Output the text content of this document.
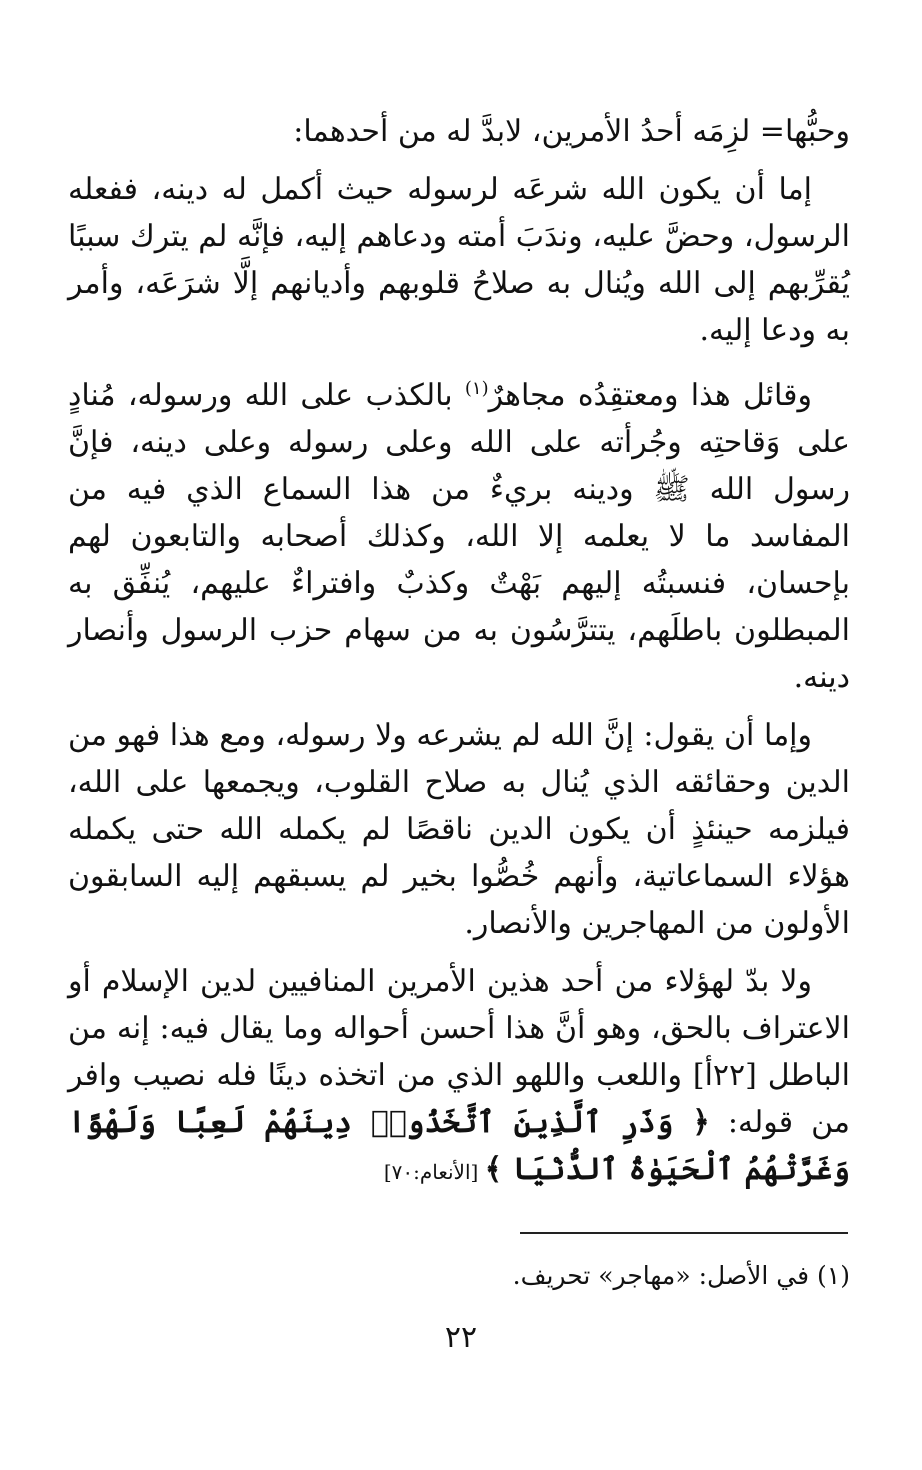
وحبُّها= لزِمَه أحدُ الأمرين، لابدَّ له من أحدهما:

إما أن يكون الله شرعَه لرسوله حيث أكمل له دينه، ففعله الرسول، وحضَّ عليه، وندَبَ أمته ودعاهم إليه، فإنَّه لم يترك سببًا يُقرِّبهم إلى الله ويُنال به صلاحُ قلوبهم وأديانهم إلَّا شرَعَه، وأمر به ودعا إليه.

وقائل هذا ومعتقِدُه مجاهرٌ$^{(١)}$ بالكذب على الله ورسوله، مُنادٍ على وَقاحتِه وجُرأته على الله وعلى رسوله وعلى دينه، فإنَّ رسول الله ﷺ ودينه بريءٌ من هذا السماع الذي فيه من المفاسد ما لا يعلمه إلا الله، وكذلك أصحابه والتابعون لهم بإحسان، فنسبتُه إليهم بَهْتٌ وكذبٌ وافتراءٌ عليهم، يُنفِّق به المبطلون باطلَهم، يتترَّسُون به من سهام حزب الرسول وأنصار دينه.

وإما أن يقول: إنَّ الله لم يشرعه ولا رسوله، ومع هذا فهو من الدين وحقائقه الذي يُنال به صلاح القلوب، ويجمعها على الله، فيلزمه حينئذٍ أن يكون الدين ناقصًا لم يكمله الله حتى يكمله هؤلاء السماعاتية، وأنهم خُصُّوا بخير لم يسبقهم إليه السابقون الأولون من المهاجرين والأنصار.

ولا بدّ لهؤلاء من أحد هذين الأمرين المنافيين لدين الإسلام أو الاعتراف بالحق، وهو أنَّ هذا أحسن أحواله وما يقال فيه: إنه من الباطل [٢٢أ] واللعب واللهو الذي من اتخذه دينًا فله نصيب وافر من قوله: ﴿ وَذَرِ ٱلَّذِينَ ٱتَّخَذُوا۟ دِينَهُمْ لَعِبًا وَلَهْوًا وَغَرَّتْهُمُ ٱلْحَيَوٰةُ ٱلدُّنْيَا ﴾ [الأنعام:٧٠]

(١) في الأصل: «مهاجر» تحريف.
٢٢
